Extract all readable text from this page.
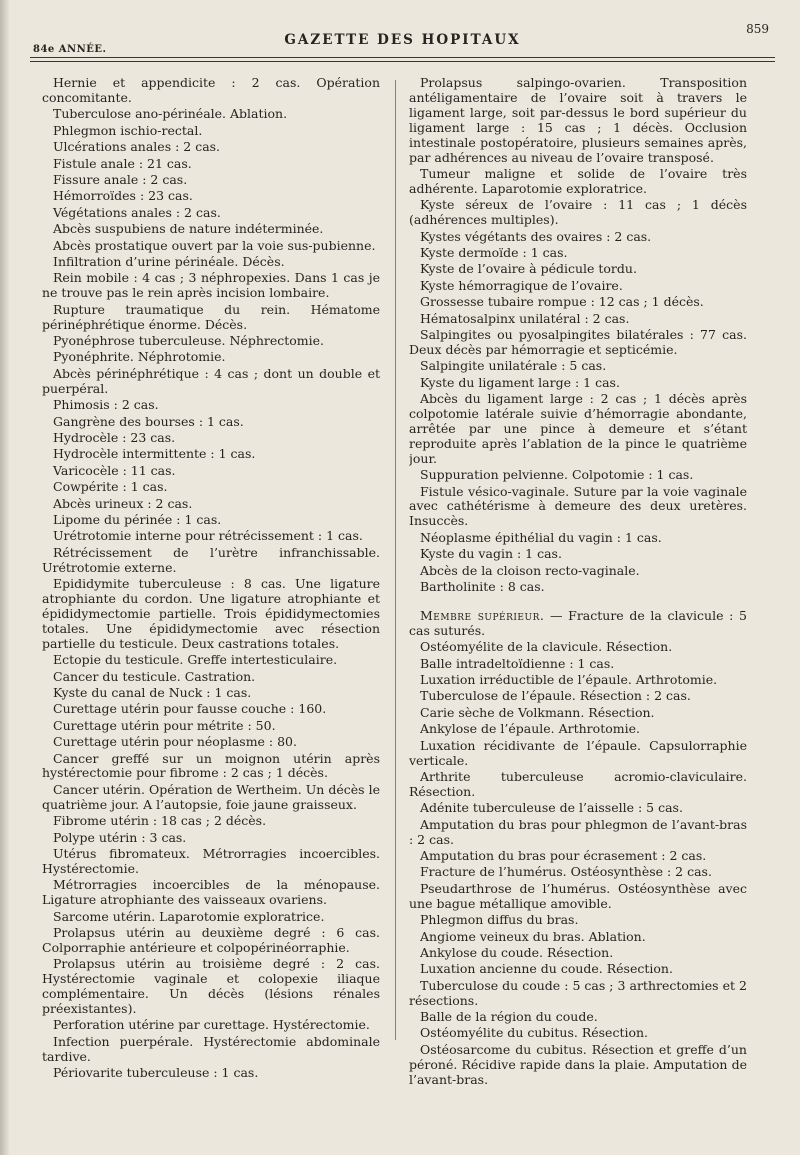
859
GAZETTE DES HOPITAUX
84e ANNÉE.

Hernie et appendicite : 2 cas. Opération concomitante.

Tuberculose ano-périnéale. Ablation.

Phlegmon ischio-rectal.

Ulcérations anales : 2 cas.

Fistule anale : 21 cas.

Fissure anale : 2 cas.

Hémorroïdes : 23 cas.

Végétations anales : 2 cas.

Abcès suspubiens de nature indéterminée.

Abcès prostatique ouvert par la voie sus-pubienne.

Infiltration d’urine périnéale. Décès.

Rein mobile : 4 cas ; 3 néphropexies. Dans 1 cas je ne trouve pas le rein après incision lombaire.

Rupture traumatique du rein. Hématome périnéphrétique énorme. Décès.

Pyonéphrose tuberculeuse. Néphrectomie.

Pyonéphrite. Néphrotomie.

Abcès périnéphrétique : 4 cas ; dont un double et puerpéral.

Phimosis : 2 cas.

Gangrène des bourses : 1 cas.

Hydrocèle : 23 cas.

Hydrocèle intermittente : 1 cas.

Varicocèle : 11 cas.

Cowpérite : 1 cas.

Abcès urineux : 2 cas.

Lipome du périnée : 1 cas.

Urétrotomie interne pour rétrécissement : 1 cas.

Rétrécissement de l’urètre infranchissable. Urétrotomie externe.

Epididymite tuberculeuse : 8 cas. Une ligature atrophiante du cordon. Une ligature atrophiante et épididymectomie partielle. Trois épididymectomies totales. Une épididymectomie avec résection partielle du testicule. Deux castrations totales.

Ectopie du testicule. Greffe intertesticulaire.

Cancer du testicule. Castration.

Kyste du canal de Nuck : 1 cas.

Curettage utérin pour fausse couche : 160.

Curettage utérin pour métrite : 50.

Curettage utérin pour néoplasme : 80.

Cancer greffé sur un moignon utérin après hystérectomie pour fibrome : 2 cas ; 1 décès.

Cancer utérin. Opération de Wertheim. Un décès le quatrième jour. A l’autopsie, foie jaune graisseux.

Fibrome utérin : 18 cas ; 2 décès.

Polype utérin : 3 cas.

Utérus fibromateux. Métrorragies incoercibles. Hystérectomie.

Métrorragies incoercibles de la ménopause. Ligature atrophiante des vaisseaux ovariens.

Sarcome utérin. Laparotomie exploratrice.

Prolapsus utérin au deuxième degré : 6 cas. Colporraphie antérieure et colpopérinéorraphie.

Prolapsus utérin au troisième degré : 2 cas. Hystérectomie vaginale et colopexie iliaque complémentaire. Un décès (lésions rénales préexistantes).

Perforation utérine par curettage. Hystérectomie.

Infection puerpérale. Hystérectomie abdominale tardive.

Périovarite tuberculeuse : 1 cas.

Prolapsus salpingo-ovarien. Transposition antéligamentaire de l’ovaire soit à travers le ligament large, soit par-dessus le bord supérieur du ligament large : 15 cas ; 1 décès. Occlusion intestinale postopératoire, plusieurs semaines après, par adhérences au niveau de l’ovaire transposé.

Tumeur maligne et solide de l’ovaire très adhérente. Laparotomie exploratrice.

Kyste séreux de l’ovaire : 11 cas ; 1 décès (adhérences multiples).

Kystes végétants des ovaires : 2 cas.

Kyste dermoïde : 1 cas.

Kyste de l’ovaire à pédicule tordu.

Kyste hémorragique de l’ovaire.

Grossesse tubaire rompue : 12 cas ; 1 décès.

Hématosalpinx unilatéral : 2 cas.

Salpingites ou pyosalpingites bilatérales : 77 cas. Deux décès par hémorragie et septicémie.

Salpingite unilatérale : 5 cas.

Kyste du ligament large : 1 cas.

Abcès du ligament large : 2 cas ; 1 décès après colpotomie latérale suivie d’hémorragie abondante, arrêtée par une pince à demeure et s’étant reproduite après l’ablation de la pince le quatrième jour.

Suppuration pelvienne. Colpotomie : 1 cas.

Fistule vésico-vaginale. Suture par la voie vaginale avec cathétérisme à demeure des deux uretères. Insuccès.

Néoplasme épithélial du vagin : 1 cas.

Kyste du vagin : 1 cas.

Abcès de la cloison recto-vaginale.

Bartholinite : 8 cas.

Membre supérieur. — Fracture de la clavicule : 5 cas suturés.

Ostéomyélite de la clavicule. Résection.

Balle intradeltoïdienne : 1 cas.

Luxation irréductible de l’épaule. Arthrotomie.

Tuberculose de l’épaule. Résection : 2 cas.

Carie sèche de Volkmann. Résection.

Ankylose de l’épaule. Arthrotomie.

Luxation récidivante de l’épaule. Capsulorraphie verticale.

Arthrite tuberculeuse acromio-claviculaire. Résection.

Adénite tuberculeuse de l’aisselle : 5 cas.

Amputation du bras pour phlegmon de l’avant-bras : 2 cas.

Amputation du bras pour écrasement : 2 cas.

Fracture de l’humérus. Ostéosynthèse : 2 cas.

Pseudarthrose de l’humérus. Ostéosynthèse avec une bague métallique amovible.

Phlegmon diffus du bras.

Angiome veineux du bras. Ablation.

Ankylose du coude. Résection.

Luxation ancienne du coude. Résection.

Tuberculose du coude : 5 cas ; 3 arthrectomies et 2 résections.

Balle de la région du coude.

Ostéomyélite du cubitus. Résection.

Ostéosarcome du cubitus. Résection et greffe d’un péroné. Récidive rapide dans la plaie. Amputation de l’avant-bras.
